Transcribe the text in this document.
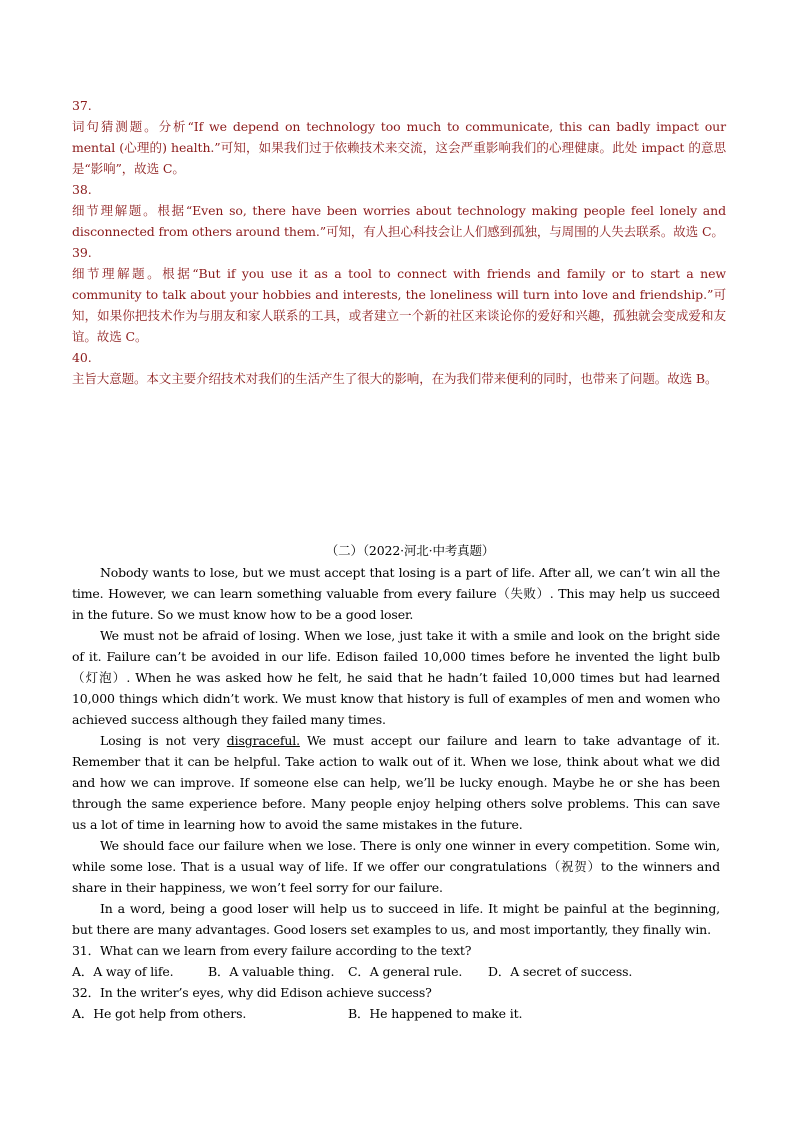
37.
词句猜测题。分析“If we depend on technology too much to communicate, this can badly impact our mental (心理的) health.”可知，如果我们过于依赖技术来交流，这会严重影响我们的心理健康。此处 impact 的意思是“影响”，故选 C。
38.
细节理解题。根据“Even so, there have been worries about technology making people feel lonely and disconnected from others around them.”可知，有人担心科技会让人们感到孤独，与周围的人失去联系。故选 C。
39.
细节理解题。根据“But if you use it as a tool to connect with friends and family or to start a new community to talk about your hobbies and interests, the loneliness will turn into love and friendship.”可知，如果你把技术作为与朋友和家人联系的工具，或者建立一个新的社区来谈论你的爱好和兴趣，孤独就会变成爱和友谊。故选 C。
40.
主旨大意题。本文主要介绍技术对我们的生活产生了很大的影响，在为我们带来便利的同时，也带来了问题。故选 B。
（二）（2022·河北·中考真题）

Nobody wants to lose, but we must accept that losing is a part of life. After all, we can’t win all the time. However, we can learn something valuable from every failure（失败）. This may help us succeed in the future. So we must know how to be a good loser.

We must not be afraid of losing. When we lose, just take it with a smile and look on the bright side of it. Failure can’t be avoided in our life. Edison failed 10,000 times before he invented the light bulb（灯泡）. When he was asked how he felt, he said that he hadn’t failed 10,000 times but had learned 10,000 things which didn’t work. We must know that history is full of examples of men and women who achieved success although they failed many times.

Losing is not very disgraceful. We must accept our failure and learn to take advantage of it. Remember that it can be helpful. Take action to walk out of it. When we lose, think about what we did and how we can improve. If someone else can help, we’ll be lucky enough. Maybe he or she has been through the same experience before. Many people enjoy helping others solve problems. This can save us a lot of time in learning how to avoid the same mistakes in the future.

We should face our failure when we lose. There is only one winner in every competition. Some win, while some lose. That is a usual way of life. If we offer our congratulations（祝贺）to the winners and share in their happiness, we won’t feel sorry for our failure.

In a word, being a good loser will help us to succeed in life. It might be painful at the beginning, but there are many advantages. Good losers set examples to us, and most importantly, they finally win.

31．What can we learn from every failure according to the text?
A．A way of life.	B．A valuable thing. C．A general rule. D．A secret of success.
32．In the writer’s eyes, why did Edison achieve success?
A．He got help from others.	B．He happened to make it.
